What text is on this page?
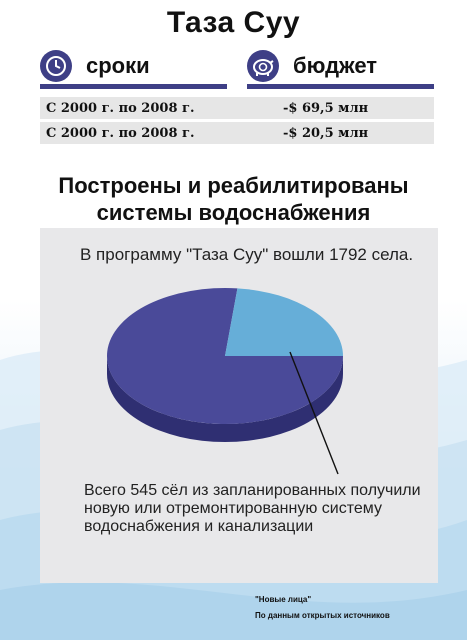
Таза Суу
сроки	бюджет
С 2000 г. по 2008 г.	-$ 69,5 млн
С 2000 г. по 2008 г.	-$ 20,5 млн
Построены и реабилитированы
системы водоснабжения
В программу "Таза Суу" вошли 1792 села.
Всего 545 сёл из запланированных получили новую или отремонтированную систему водоснабжения и канализации
"Новые лица"
По данным открытых источников
